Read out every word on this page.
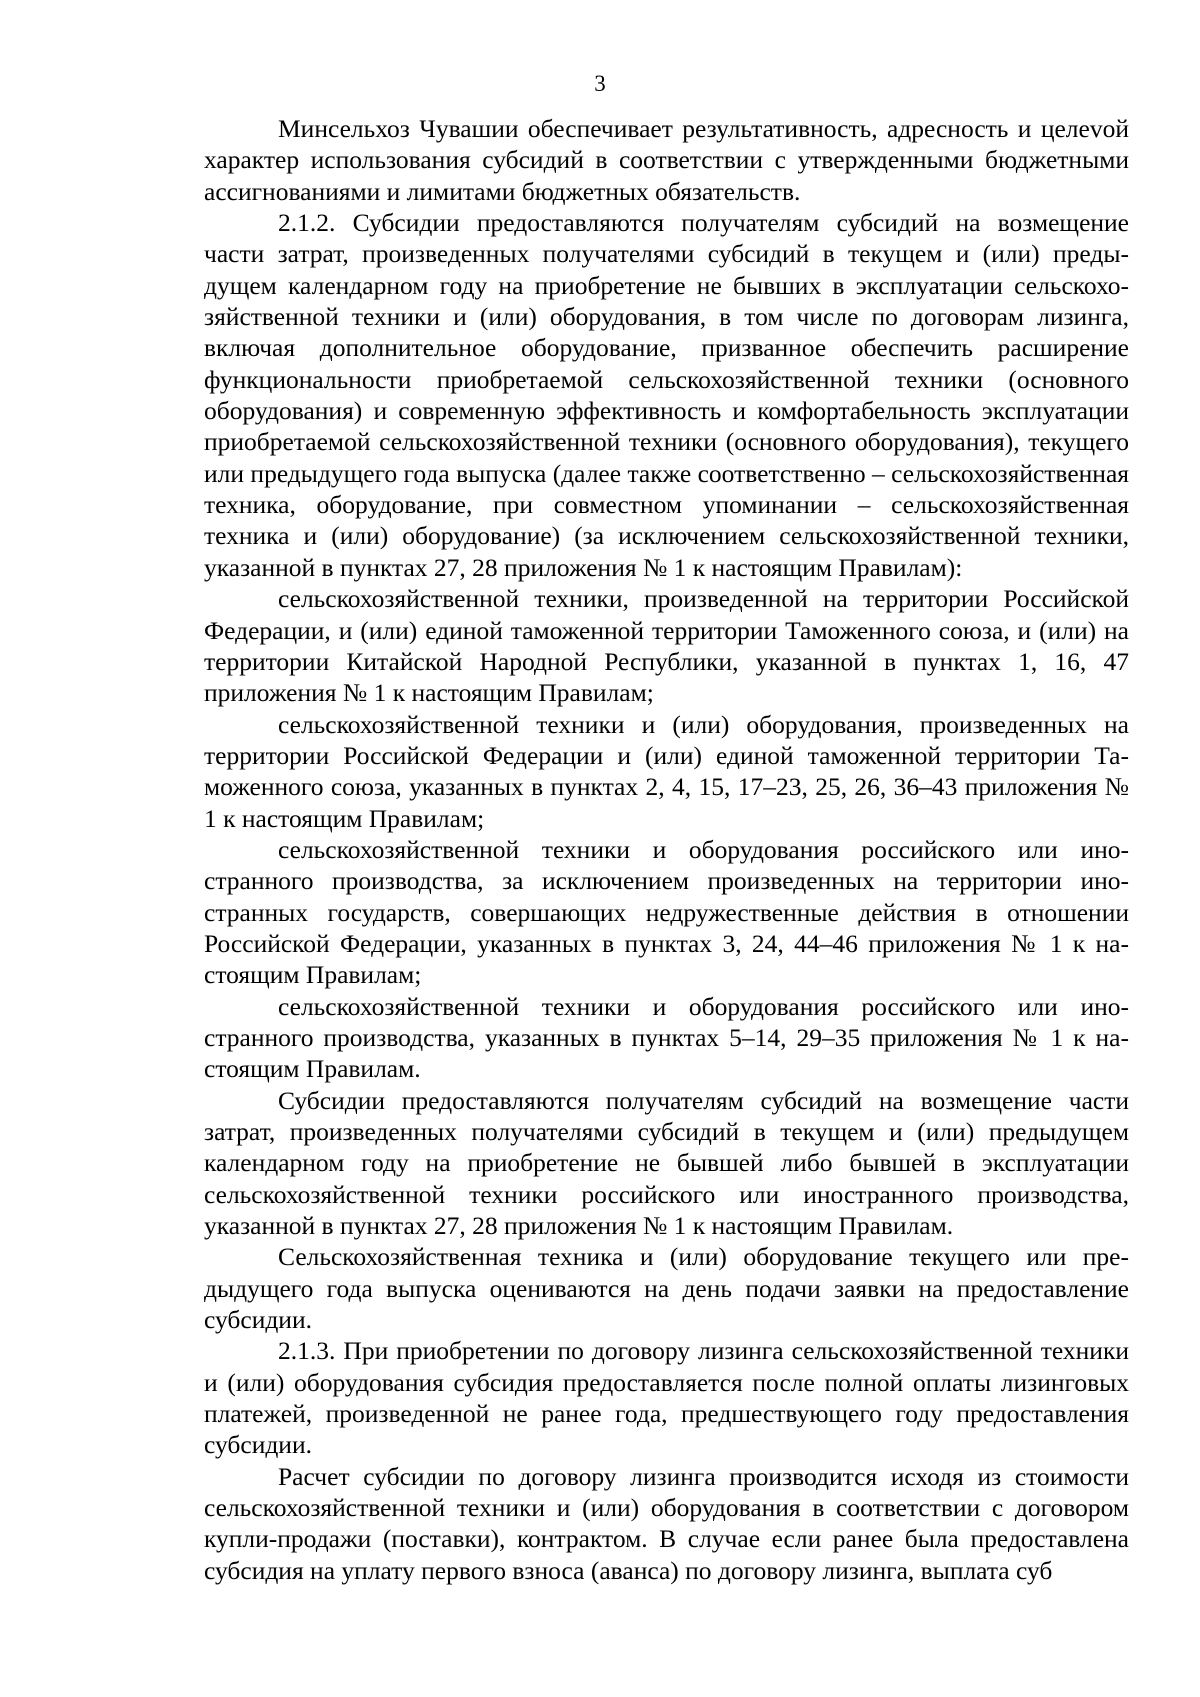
3

Минсельхоз Чувашии обеспечивает результативность, адресность и целеvой характер использования субсидий в соответствии с утвержденными бюджетными ассигнованиями и лимитами бюджетных обязательств.

2.1.2. Субсидии предоставляются получателям субсидий на возмещение части затрат, произведенных получателями субсидий в текущем и (или) предыдущем календарном году на приобретение не бывших в эксплуатации сельскохозяйственной техники и (или) оборудования, в том числе по договорам лизинга, включая дополнительное оборудование, призванное обеспечить расширение функциональности приобретаемой сельскохозяйственной техники (основного оборудования) и современную эффективность и комфортабельность эксплуатации приобретаемой сельскохозяйственной техники (основного оборудования), текущего или предыдущего года выпуска (далее также соответственно – сельскохозяйственная техника, оборудование, при совместном упоминании – сельскохозяйственная техника и (или) оборудование) (за исключением сельскохозяйственной техники, указанной в пунктах 27, 28 приложения № 1 к настоящим Правилам):

сельскохозяйственной техники, произведенной на территории Российской Федерации, и (или) единой таможенной территории Таможенного союза, и (или) на территории Китайской Народной Республики, указанной в пунктах 1, 16, 47 приложения № 1 к настоящим Правилам;

сельскохозяйственной техники и (или) оборудования, произведенных на территории Российской Федерации и (или) единой таможенной территории Таможенного союза, указанных в пунктах 2, 4, 15, 17–23, 25, 26, 36–43 приложения № 1 к настоящим Правилам;

сельскохозяйственной техники и оборудования российского или иностранного производства, за исключением произведенных на территории иностранных государств, совершающих недружественные действия в отношении Российской Федерации, указанных в пунктах 3, 24, 44–46 приложения № 1 к настоящим Правилам;

сельскохозяйственной техники и оборудования российского или иностранного производства, указанных в пунктах 5–14, 29–35 приложения № 1 к настоящим Правилам.

Субсидии предоставляются получателям субсидий на возмещение части затрат, произведенных получателями субсидий в текущем и (или) предыдущем календарном году на приобретение не бывшей либо бывшей в эксплуатации сельскохозяйственной техники российского или иностранного производства, указанной в пунктах 27, 28 приложения № 1 к настоящим Правилам.

Сельскохозяйственная техника и (или) оборудование текущего или предыдущего года выпуска оцениваются на день подачи заявки на предоставление субсидии.

2.1.3. При приобретении по договору лизинга сельскохозяйственной техники и (или) оборудования субсидия предоставляется после полной оплаты лизинговых платежей, произведенной не ранее года, предшествующего году предоставления субсидии.

Расчет субсидии по договору лизинга производится исходя из стоимости сельскохозяйственной техники и (или) оборудования в соответствии с договором купли-продажи (поставки), контрактом. В случае если ранее была предоставлена субсидия на уплату первого взноса (аванса) по договору лизинга, выплата суб
